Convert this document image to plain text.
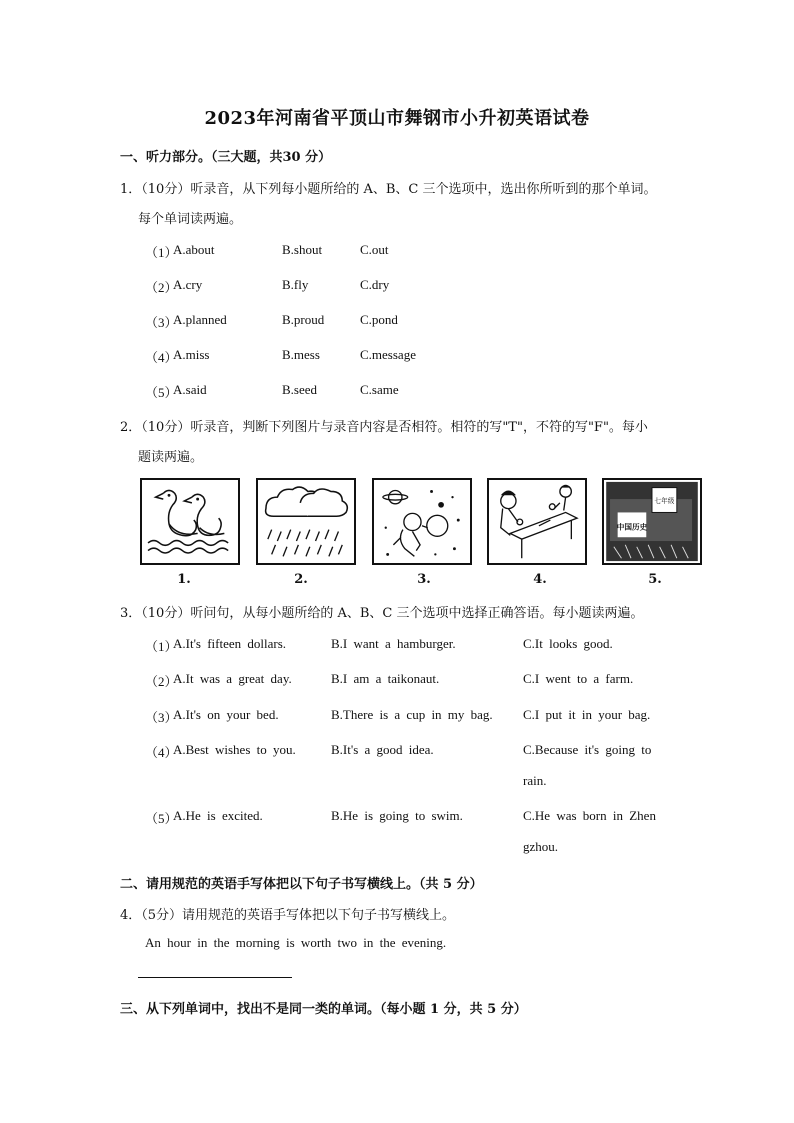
2023年河南省平顶山市舞钢市小升初英语试卷
一、听力部分。（三大题，共30 分）
1．（10分）听录音，从下列每小题所给的 A、B、C 三个选项中，选出你所听到的那个单词。
每个单词读两遍。
（1）
A.about	B.shout	C.out
（2）
A.cry	B.fly	C.dry
（3）
A.planned	B.proud	C.pond
（4）
A.miss	B.mess	C.message
（5）
A.said	B.seed	C.same
2．（10分）听录音，判断下列图片与录音内容是否相符。相符的写"T"，不符的写"F"。每小
题读两遍。
七年级
中国历史
1.	2.	3.	4.	5.
3．（10分）听问句，从每小题所给的 A、B、C 三个选项中选择正确答语。每小题读两遍。
（1）
A.It's fifteen dollars.	B.I want a hamburger.	C.It looks good.
（2）
A.It was a great day.	B.I am a taikonaut.	C.I went to a farm.
（3）
A.It's on your bed.	B.There is a cup in my bag. C.I put it in your bag.
（4）
A.Best wishes to you.	B.It's a good idea.	C.Because it's going to
rain.
（5）
A.He is excited.	B.He is going to swim.	C.He was born in Zhen
gzhou.
二、请用规范的英语手写体把以下句子书写横线上。（共 5 分）
4．（5分）请用规范的英语手写体把以下句子书写横线上。
An hour in the morning is worth two in the evening.
三、从下列单词中，找出不是同一类的单词。（每小题 1 分，共 5 分）
